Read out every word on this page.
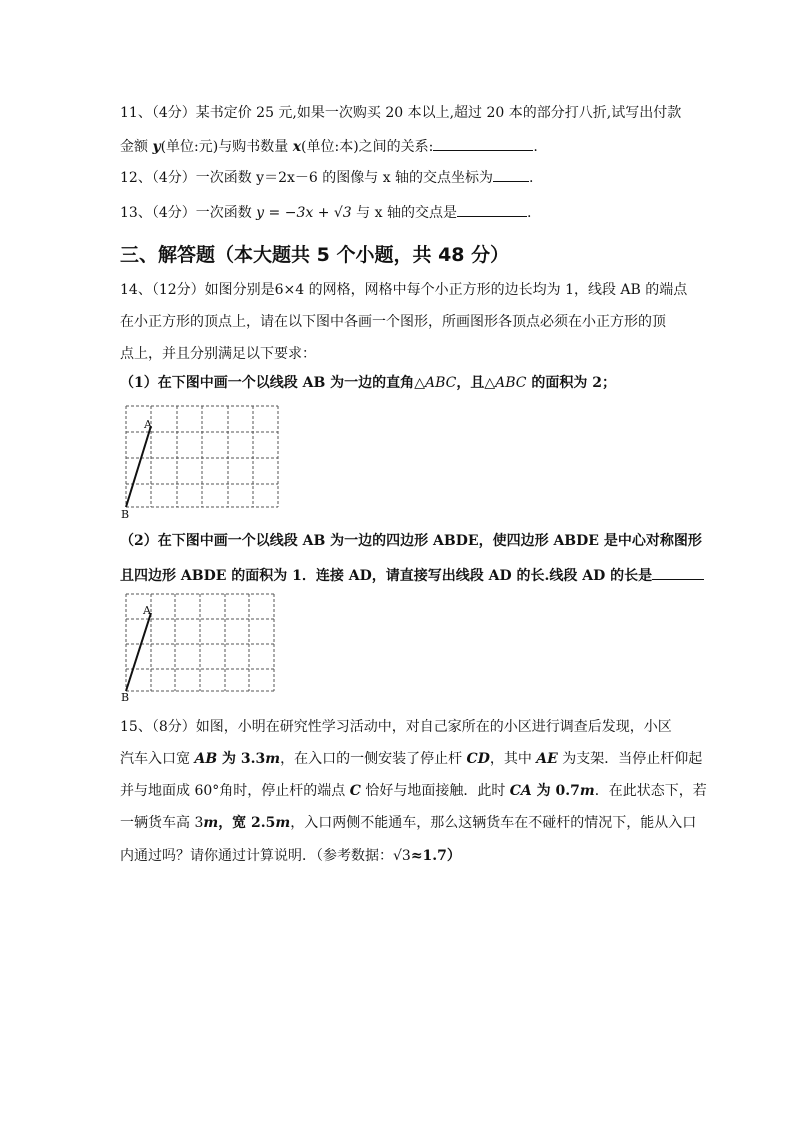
11、（4分）某书定价 25 元,如果一次购买 20 本以上,超过 20 本的部分打八折,试写出付款
金额 y(单位:元)与购书数量 x(单位:本)之间的关系:	.
12、（4分）一次函数 y＝2x－6 的图像与 x 轴的交点坐标为	.
13、（4分）一次函数 y = −3x + √3 与 x 轴的交点是	.
三、解答题（本大题共 5 个小题，共 48 分）
14、（12分）如图分别是6×4 的网格，网格中每个小正方形的边长均为 1，线段 AB 的端点
在小正方形的顶点上，请在以下图中各画一个图形，所画图形各顶点必须在小正方形的顶
点上，并且分别满足以下要求：
（1）在下图中画一个以线段 AB 为一边的直角△ABC，且△ABC 的面积为 2；
A
B
（2）在下图中画一个以线段 AB 为一边的四边形 ABDE，使四边形 ABDE 是中心对称图形
且四边形 ABDE 的面积为 1．连接 AD，请直接写出线段 AD 的长.线段 AD 的长是
A
B
15、（8分）如图，小明在研究性学习活动中，对自己家所在的小区进行调查后发现，小区
汽车入口宽 AB 为 3.3m，在入口的一侧安装了停止杆 CD，其中 AE 为支架．当停止杆仰起
并与地面成 60°角时，停止杆的端点 C 恰好与地面接触．此时 CA 为 0.7m．在此状态下，若
一辆货车高 3m，宽 2.5m，入口两侧不能通车，那么这辆货车在不碰杆的情况下，能从入口
内通过吗？请你通过计算说明．（参考数据：√3≈1.7）
